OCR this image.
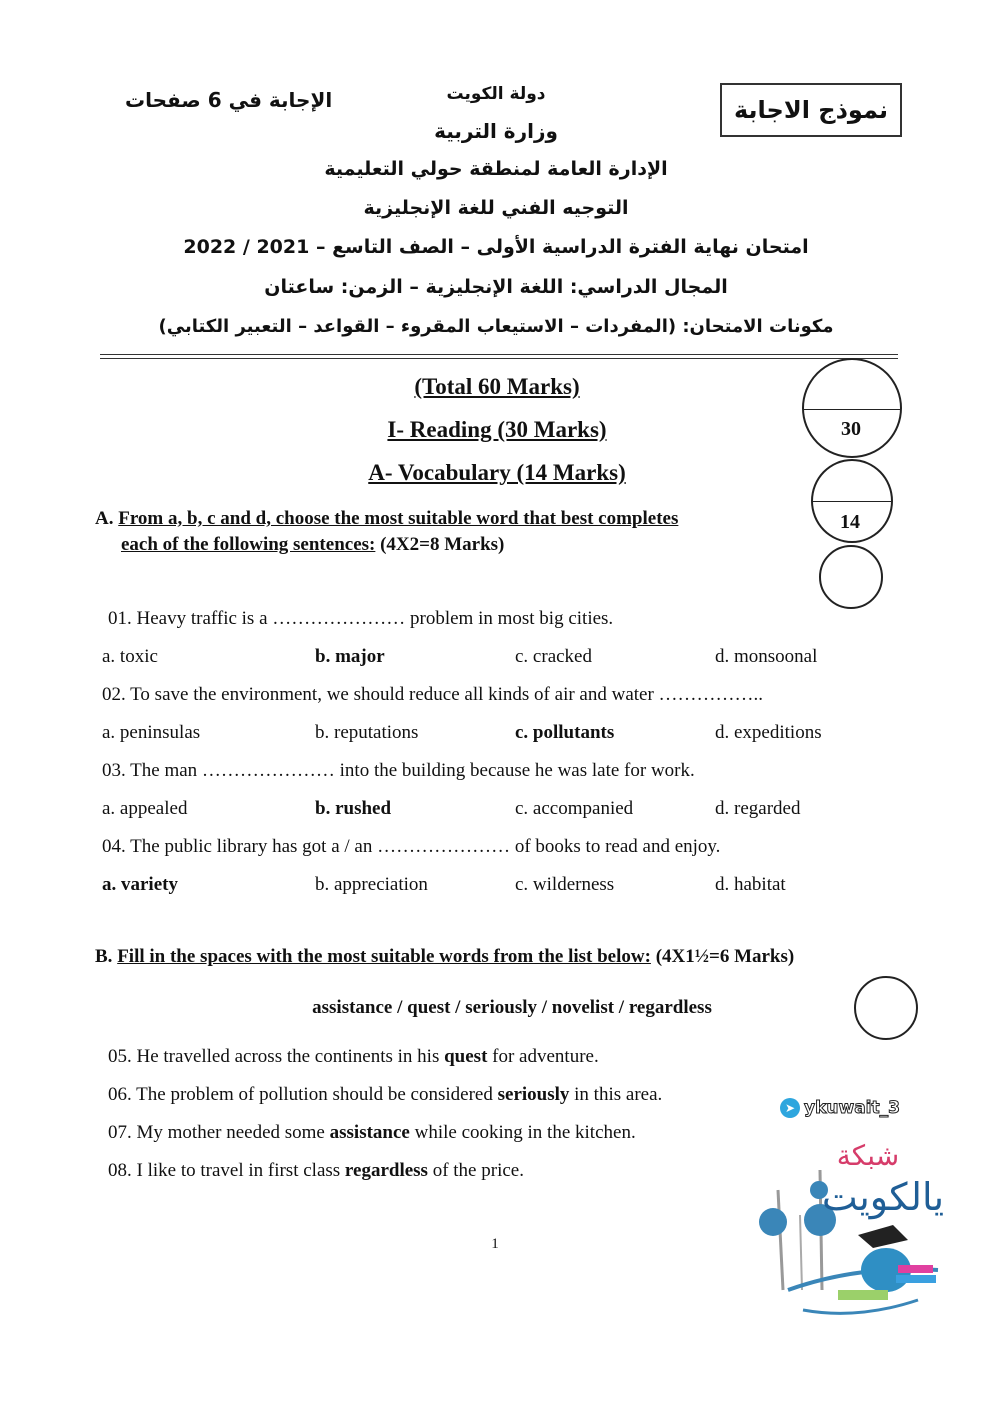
نموذج الاجابة
الإجابة في 6 صفحات	دولة الكويت
وزارة التربية
الإدارة العامة لمنطقة حولي التعليمية
التوجيه الفني للغة الإنجليزية
امتحان نهاية الفترة الدراسية الأولى – الصف التاسع – 2021 / 2022
المجال الدراسي: اللغة الإنجليزية – الزمن: ساعتان
مكونات الامتحان: (المفردات – الاستيعاب المقروء – القواعد – التعبير الكتابي)
30
14
(Total 60 Marks)
I- Reading (30 Marks)
A- Vocabulary (14 Marks)
A. From a, b, c and d, choose the most suitable word that best completes
each of the following sentences: (4X2=8 Marks)
01. Heavy traffic is a ………………… problem in most big cities.
a. toxic	b. major	c. cracked	d. monsoonal
02. To save the environment, we should reduce all kinds of air and water ……………..
a. peninsulas	b. reputations	c. pollutants	d. expeditions
03. The man ………………… into the building because he was late for work.
a. appealed	b. rushed	c. accompanied	d. regarded
04. The public library has got a / an ………………… of books to read and enjoy.
a. variety	b. appreciation	c. wilderness	d. habitat
B. Fill in the spaces with the most suitable words from the list below: (4X1½=6 Marks)
assistance / quest / seriously / novelist / regardless
05. He travelled across the continents in his quest for adventure.
06. The problem of pollution should be considered seriously in this area.
07. My mother needed some assistance while cooking in the kitchen.
08. I like to travel in first class regardless of the price.
1
➤ ykuwait_3
شبكة
يالكويت
